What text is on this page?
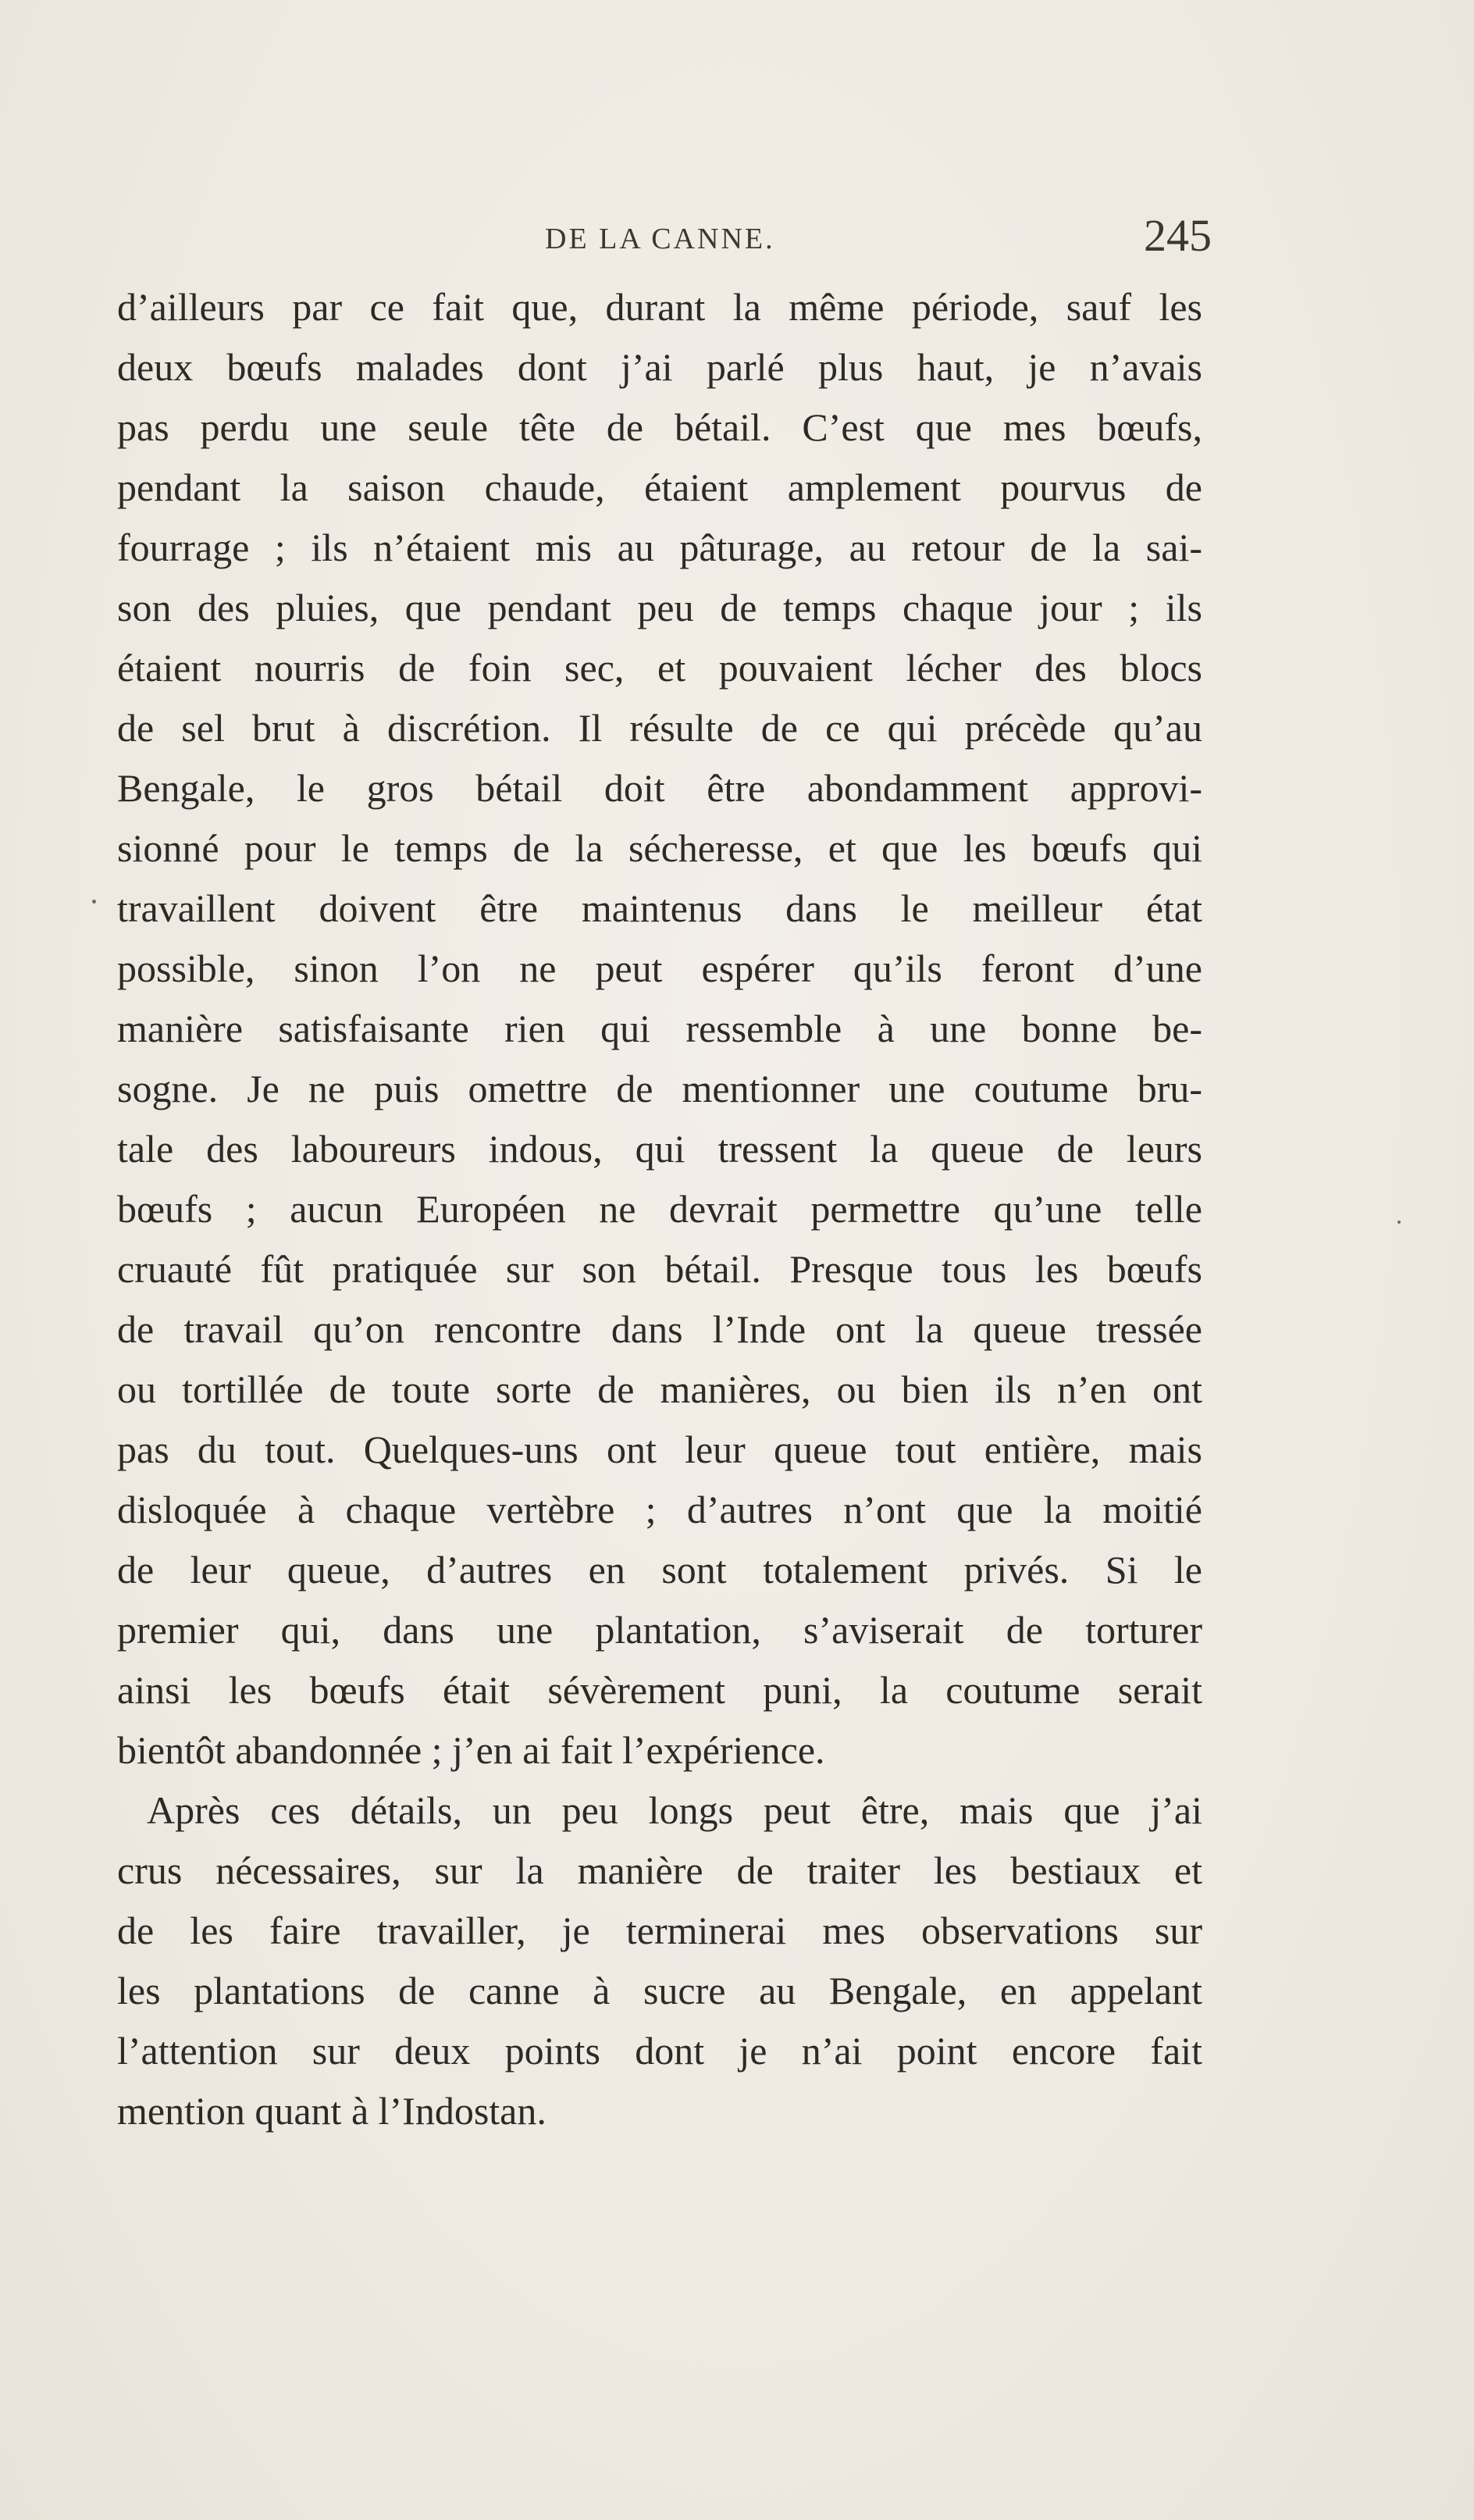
DE LA CANNE.	245
d’ailleurs par ce fait que, durant la même période, sauf les
deux bœufs malades dont j’ai parlé plus haut, je n’avais
pas perdu une seule tête de bétail. C’est que mes bœufs,
pendant la saison chaude, étaient amplement pourvus de
fourrage ; ils n’étaient mis au pâturage, au retour de la sai-
son des pluies, que pendant peu de temps chaque jour ; ils
étaient nourris de foin sec, et pouvaient lécher des blocs
de sel brut à discrétion. Il résulte de ce qui précède qu’au
Bengale, le gros bétail doit être abondamment approvi-
sionné pour le temps de la sécheresse, et que les bœufs qui
travaillent doivent être maintenus dans le meilleur état
possible, sinon l’on ne peut espérer qu’ils feront d’une
manière satisfaisante rien qui ressemble à une bonne be-
sogne. Je ne puis omettre de mentionner une coutume bru-
tale des laboureurs indous, qui tressent la queue de leurs
bœufs ; aucun Européen ne devrait permettre qu’une telle
cruauté fût pratiquée sur son bétail. Presque tous les bœufs
de travail qu’on rencontre dans l’Inde ont la queue tressée
ou tortillée de toute sorte de manières, ou bien ils n’en ont
pas du tout. Quelques-uns ont leur queue tout entière, mais
disloquée à chaque vertèbre ; d’autres n’ont que la moitié
de leur queue, d’autres en sont totalement privés. Si le
premier qui, dans une plantation, s’aviserait de torturer
ainsi les bœufs était sévèrement puni, la coutume serait
bientôt abandonnée ; j’en ai fait l’expérience.
Après ces détails, un peu longs peut être, mais que j’ai
crus nécessaires, sur la manière de traiter les bestiaux et
de les faire travailler, je terminerai mes observations sur
les plantations de canne à sucre au Bengale, en appelant
l’attention sur deux points dont je n’ai point encore fait
mention quant à l’Indostan.
